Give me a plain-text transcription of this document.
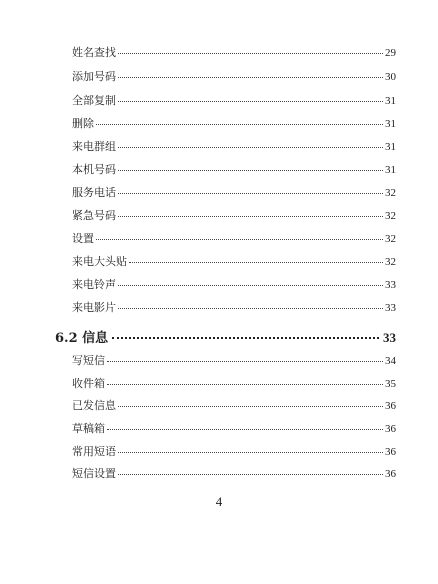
姓名查找	29
添加号码	30
全部复制	31
删除	31
来电群组	31
本机号码	31
服务电话	32
紧急号码	32
设置	32
来电大头贴	32
来电铃声	33
来电影片	33
6.2 信息	33
写短信	34
收件箱	35
已发信息	36
草稿箱	36
常用短语	36
短信设置	36
4
